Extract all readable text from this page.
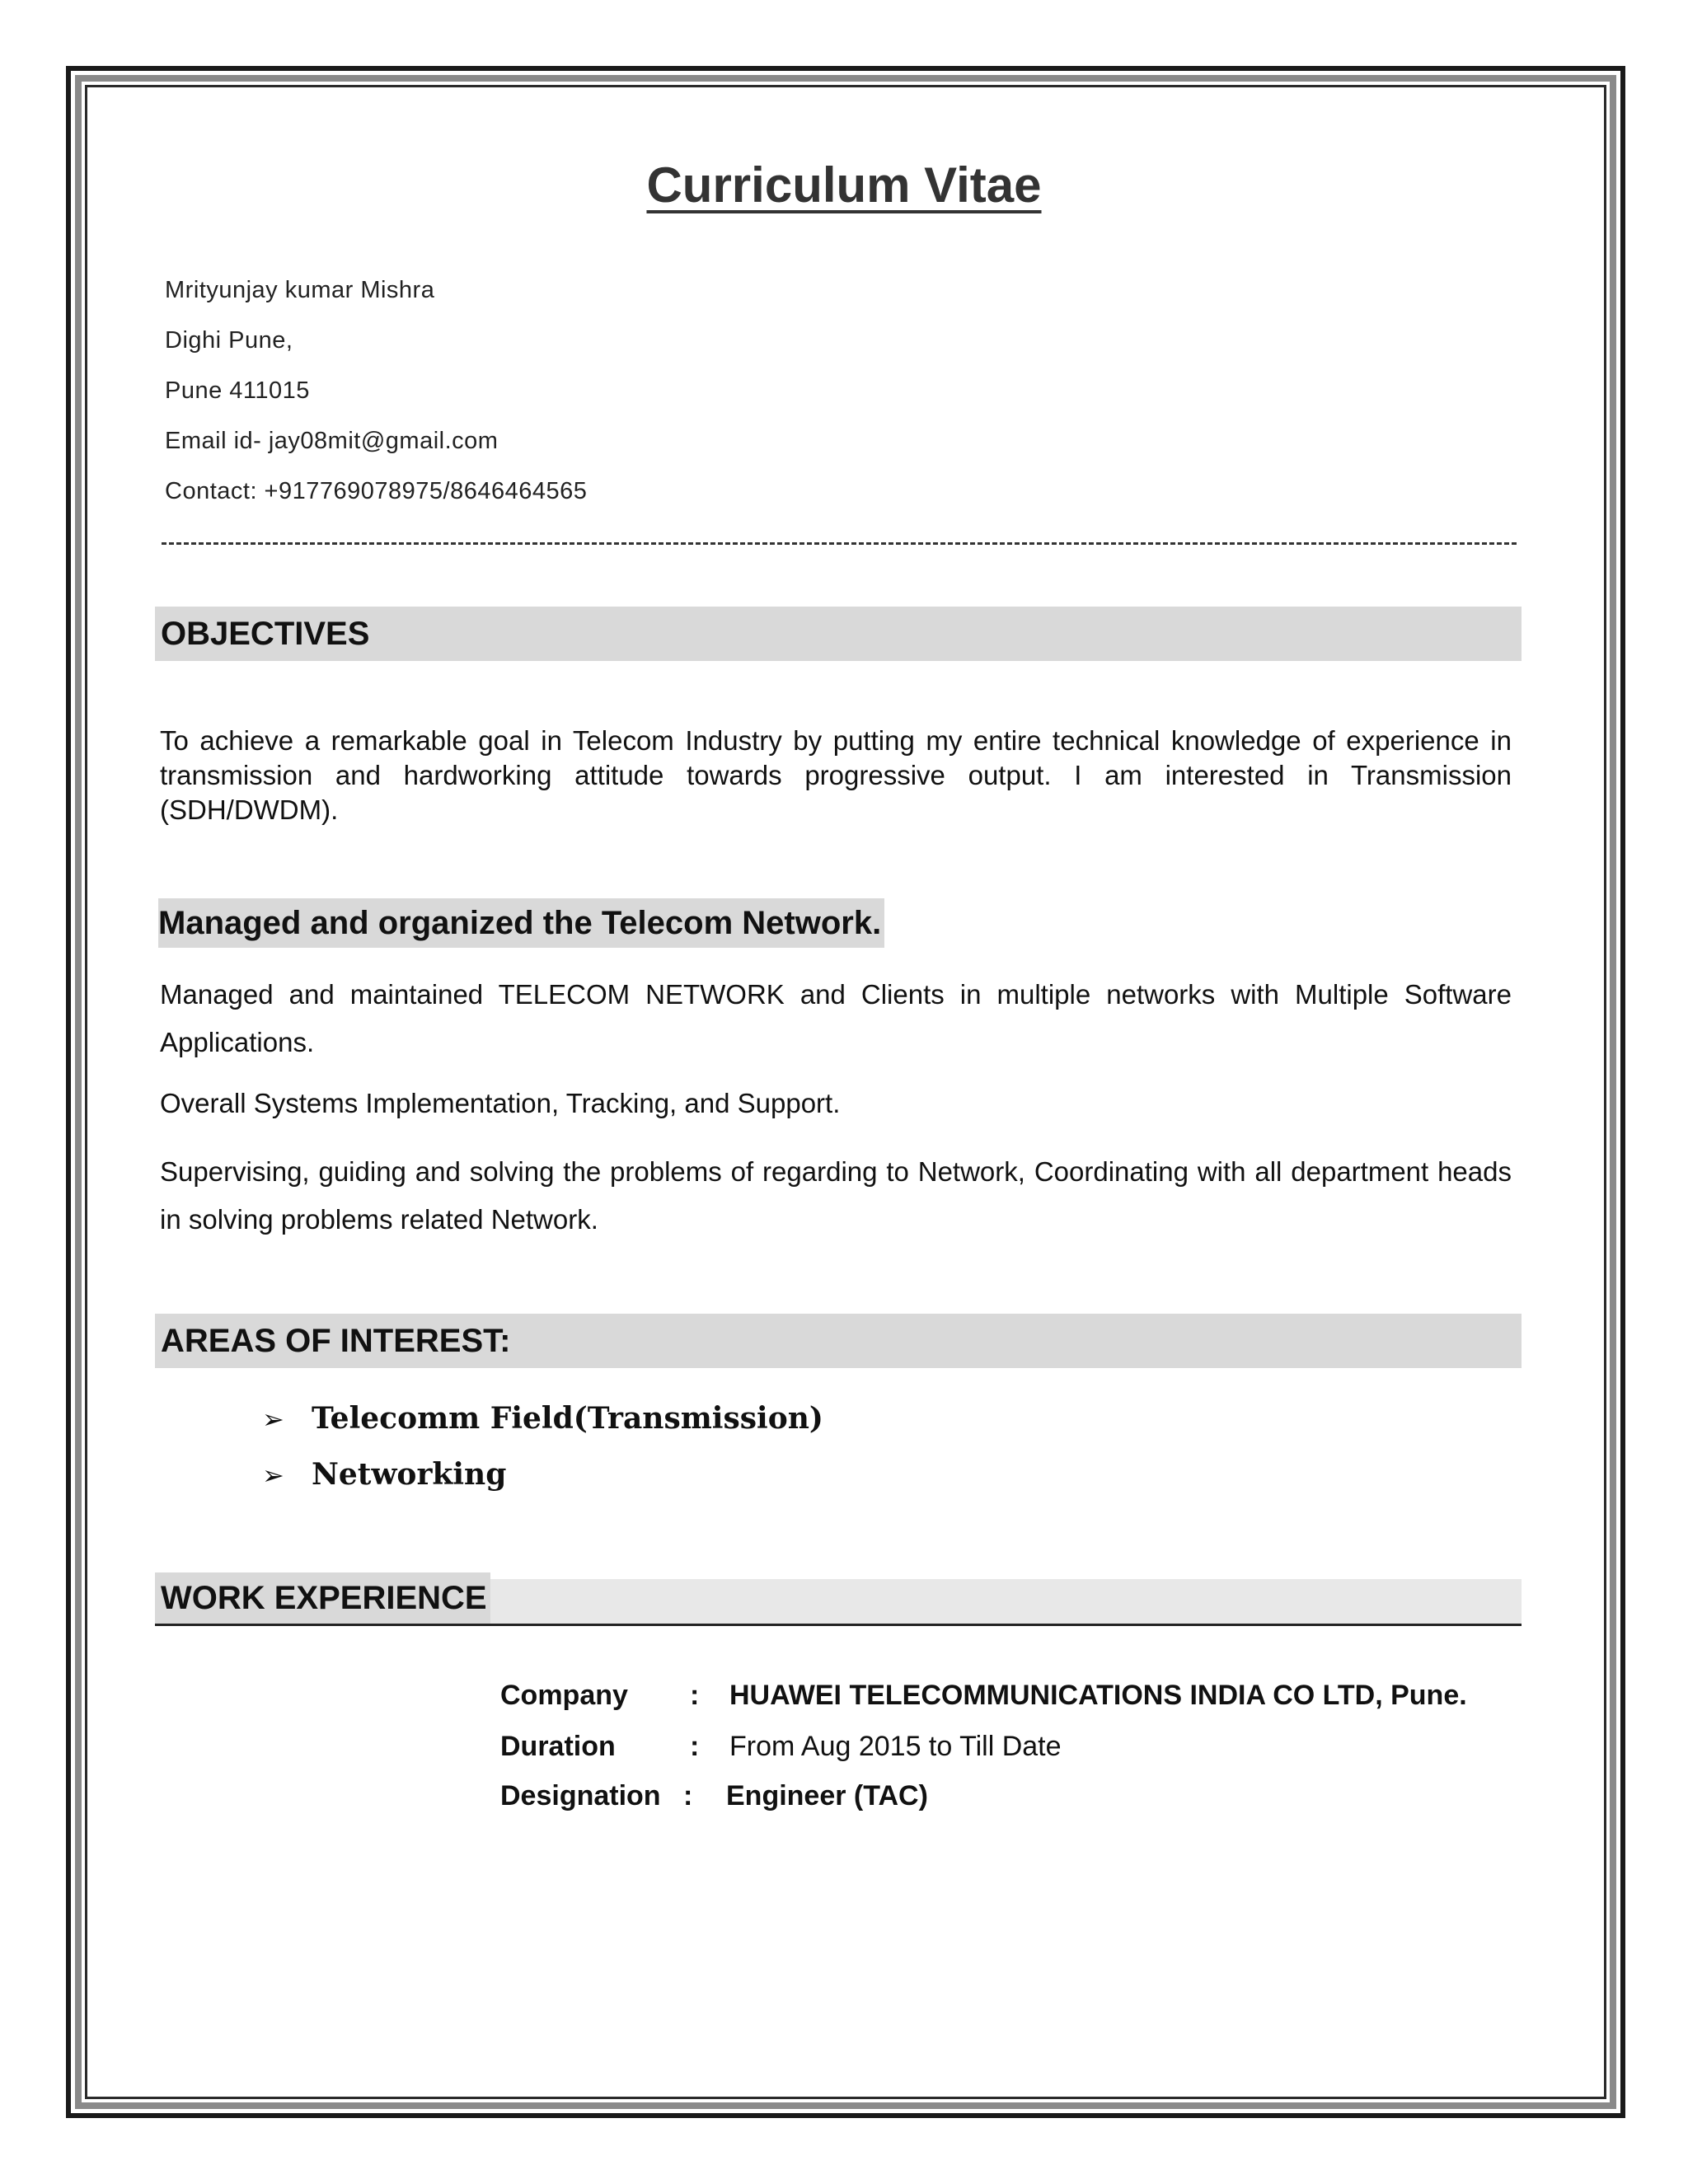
Curriculum Vitae
Mrityunjay kumar Mishra
Dighi Pune,
Pune 411015
Email id- jay08mit@gmail.com
Contact: +917769078975/8646464565
OBJECTIVES
To achieve a remarkable goal in Telecom Industry by putting my entire technical knowledge of experience in transmission and hardworking attitude towards progressive output. I am interested in Transmission (SDH/DWDM).
Managed and organized the Telecom Network.
Managed and maintained TELECOM NETWORK and Clients in multiple networks with Multiple Software Applications.
Overall Systems Implementation, Tracking, and Support.
Supervising, guiding and solving the problems of regarding to Network, Coordinating with all department heads in solving problems related Network.
AREAS OF INTEREST:
➢ Telecomm Field(Transmission)
➢ Networking
WORK EXPERIENCE
Company : HUAWEI TELECOMMUNICATIONS INDIA CO LTD, Pune.
Duration	: From Aug 2015 to Till Date
Designation : Engineer (TAC)
